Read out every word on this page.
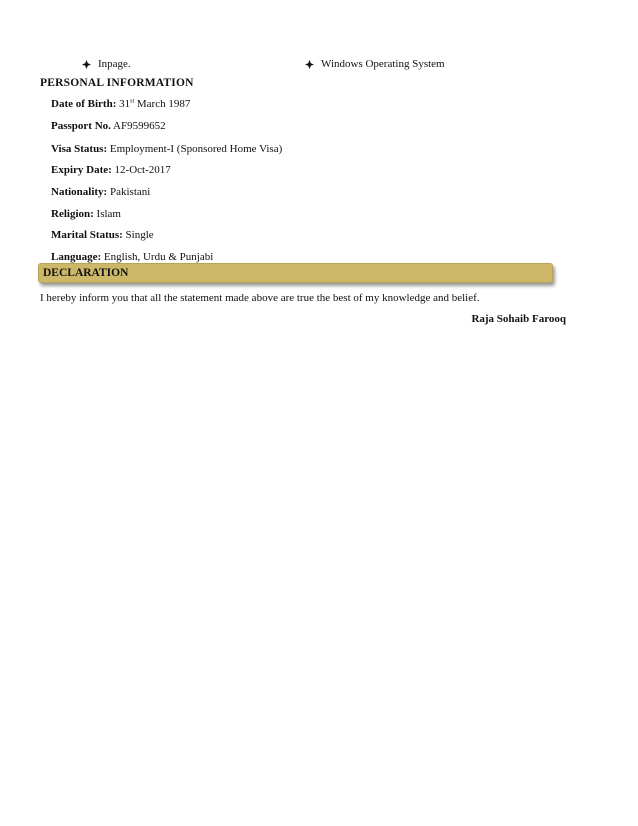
Inpage.	Windows Operating System
PERSONAL INFORMATION
Date of Birth: 31st March 1987
Passport No. AF9599652
Visa Status: Employment-I (Sponsored Home Visa)
Expiry Date: 12-Oct-2017
Nationality: Pakistani
Religion: Islam
Marital Status: Single
Language: English, Urdu & Punjabi
DECLARATION
I hereby inform you that all the statement made above are true the best of my knowledge and belief.
Raja Sohaib Farooq
